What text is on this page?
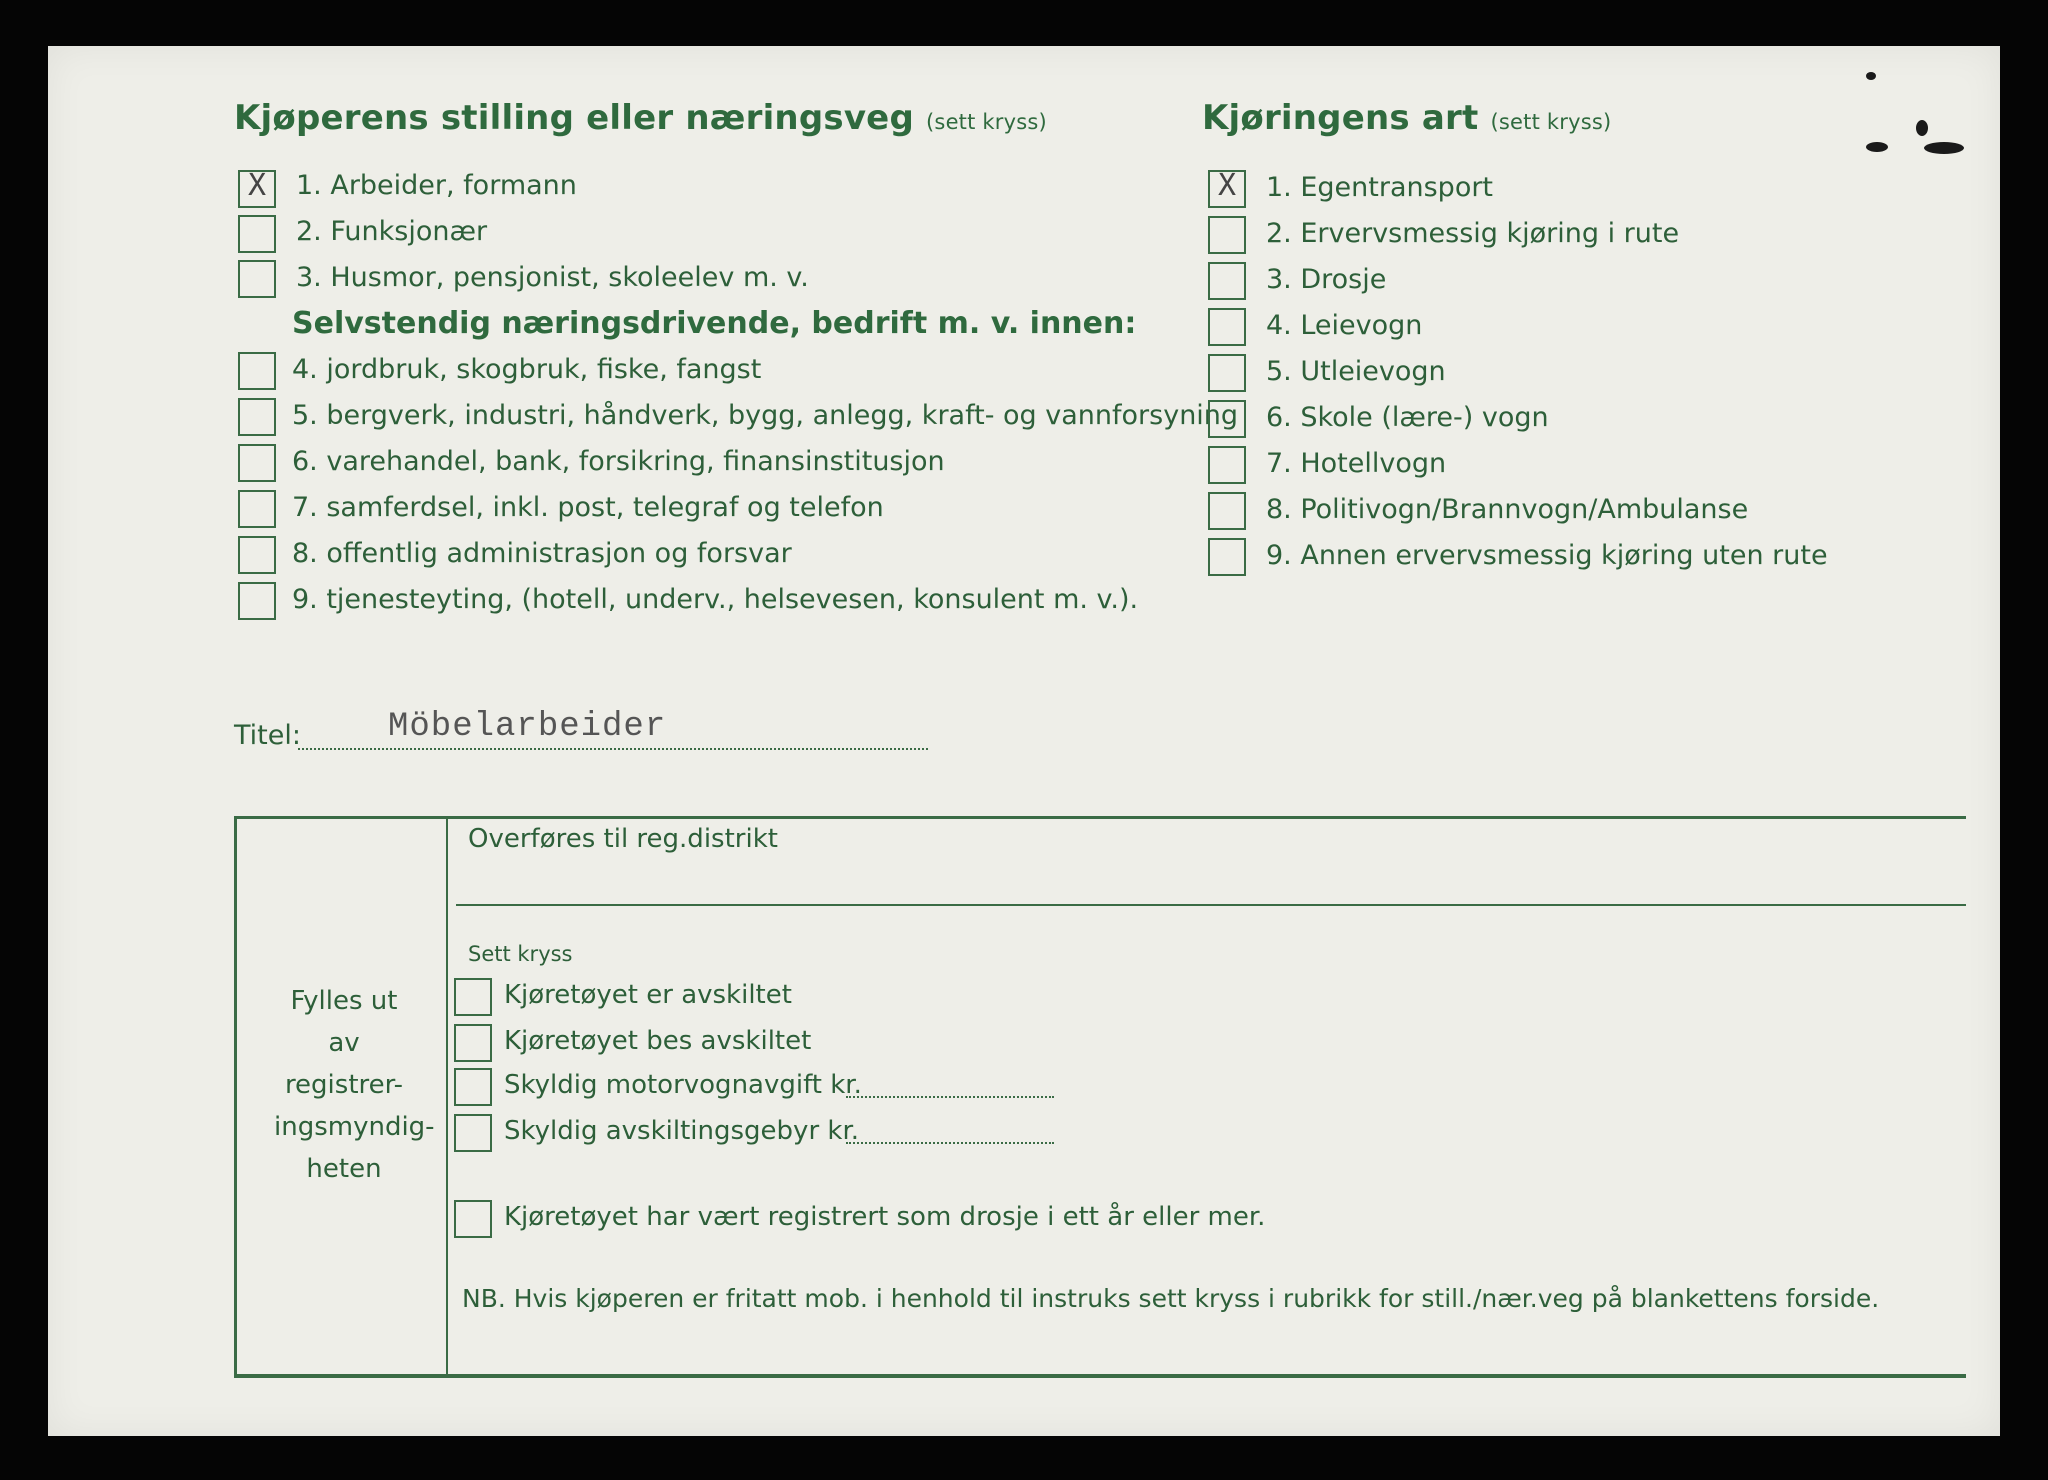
Kjøperens stilling eller næringsveg (sett kryss)
X 1. Arbeider, formann
2. Funksjonær
3. Husmor, pensjonist, skoleelev m. v.
Selvstendig næringsdrivende, bedrift m. v. innen:
4. jordbruk, skogbruk, fiske, fangst
5. bergverk, industri, håndverk, bygg, anlegg, kraft- og vannforsyning
6. varehandel, bank, forsikring, finansinstitusjon
7. samferdsel, inkl. post, telegraf og telefon
8. offentlig administrasjon og forsvar
9. tjenesteyting, (hotell, underv., helsevesen, konsulent m. v.).
Kjøringens art (sett kryss)
X 1. Egentransport
2. Ervervsmessig kjøring i rute
3. Drosje
4. Leievogn
5. Utleievogn
6. Skole (lære-) vogn
7. Hotellvogn
8. Politivogn/Brannvogn/Ambulanse
9. Annen ervervsmessig kjøring uten rute
Titel:	Möbelarbeider
Fylles ut
av registrer-
ingsmyndig-
heten
Overføres til reg.distrikt
Sett kryss
Kjøretøyet er avskiltet
Kjøretøyet bes avskiltet
Skyldig motorvognavgift kr.
Skyldig avskiltingsgebyr kr.
Kjøretøyet har vært registrert som drosje i ett år eller mer.
NB. Hvis kjøperen er fritatt mob. i henhold til instruks sett kryss i rubrikk for still./nær.veg på blankettens forside.
